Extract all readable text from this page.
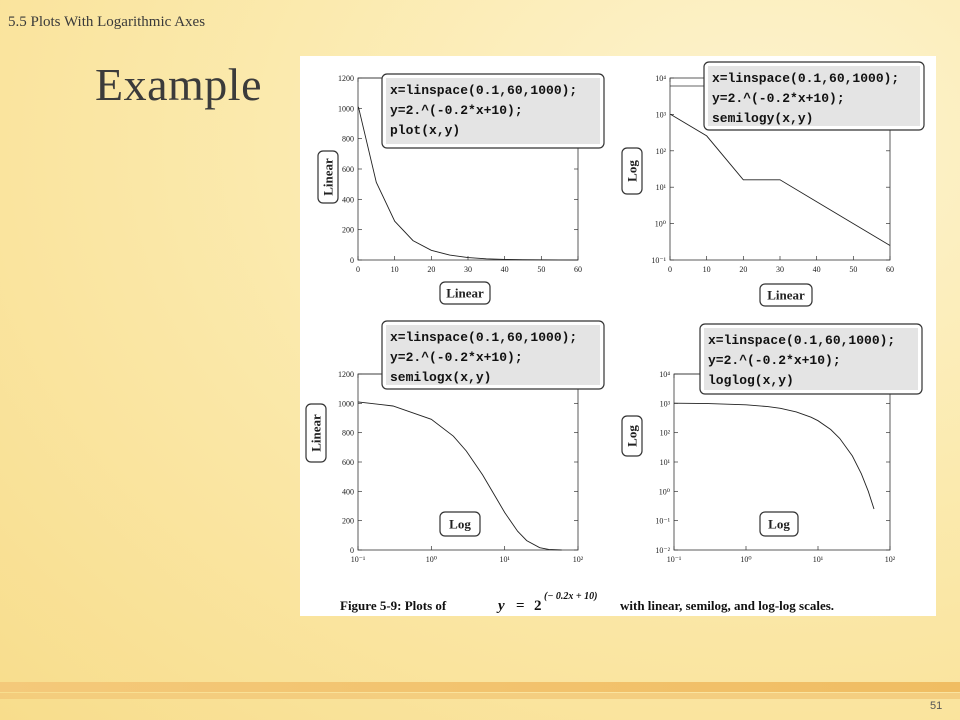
5.5 Plots With Logarithmic Axes
Example
0	10	20	30	40	50	60
0
200
400
600
800
1000
1200
x=linspace(0.1,60,1000);
y=2.^(-0.2*x+10);
plot(x,y)
Linear
Linear
0	10	20	30	40	50	60
10⁻¹
10⁰
10¹
10²
10³
10⁴	x=linspace(0.1,60,1000);
y=2.^(-0.2*x+10);
semilogy(x,y)
Log
Linear
10⁻¹	10⁰	10¹	10²
0
200
400
600
800
1000
1200
x=linspace(0.1,60,1000);
y=2.^(-0.2*x+10);
semilogx(x,y)
Linear
Log
10⁻¹	10⁰	10¹	10²
10⁻²
10⁻¹
10⁰
10¹
10²
10³
10⁴
x=linspace(0.1,60,1000);
y=2.^(-0.2*x+10);
loglog(x,y)
Log
Log
Figure 5-9: Plots of	y = 2
(− 0.2x + 10)
with linear, semilog, and log-log scales.
51
